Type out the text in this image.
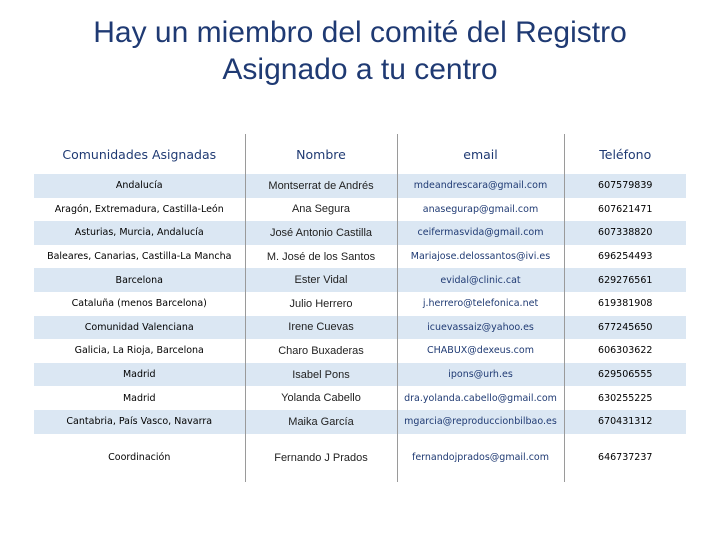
Hay un miembro del comité del Registro
Asignado a tu centro
Comunidades Asignadas	Nombre	email	Teléfono
Andalucía	Montserrat de Andrés	mdeandrescara@gmail.com	607579839
Aragón, Extremadura, Castilla-León	Ana Segura	anasegurap@gmail.com	607621471
Asturias, Murcia, Andalucía	José Antonio Castilla	ceifermasvida@gmail.com	607338820
Baleares, Canarias, Castilla-La Mancha	M. José de los Santos	Mariajose.delossantos@ivi.es	696254493
Barcelona	Ester Vidal	evidal@clinic.cat	629276561
Cataluña (menos Barcelona)	Julio Herrero	j.herrero@telefonica.net	619381908
Comunidad Valenciana	Irene Cuevas	icuevassaiz@yahoo.es	677245650
Galicia, La Rioja, Barcelona	Charo Buxaderas	CHABUX@dexeus.com	606303622
Madrid	Isabel Pons	ipons@urh.es	629506555
Madrid	Yolanda Cabello	dra.yolanda.cabello@gmail.com	630255225
Cantabria, País Vasco, Navarra	Maika García	mgarcia@reproduccionbilbao.es	670431312
Coordinación	Fernando J Prados	fernandojprados@gmail.com	646737237
